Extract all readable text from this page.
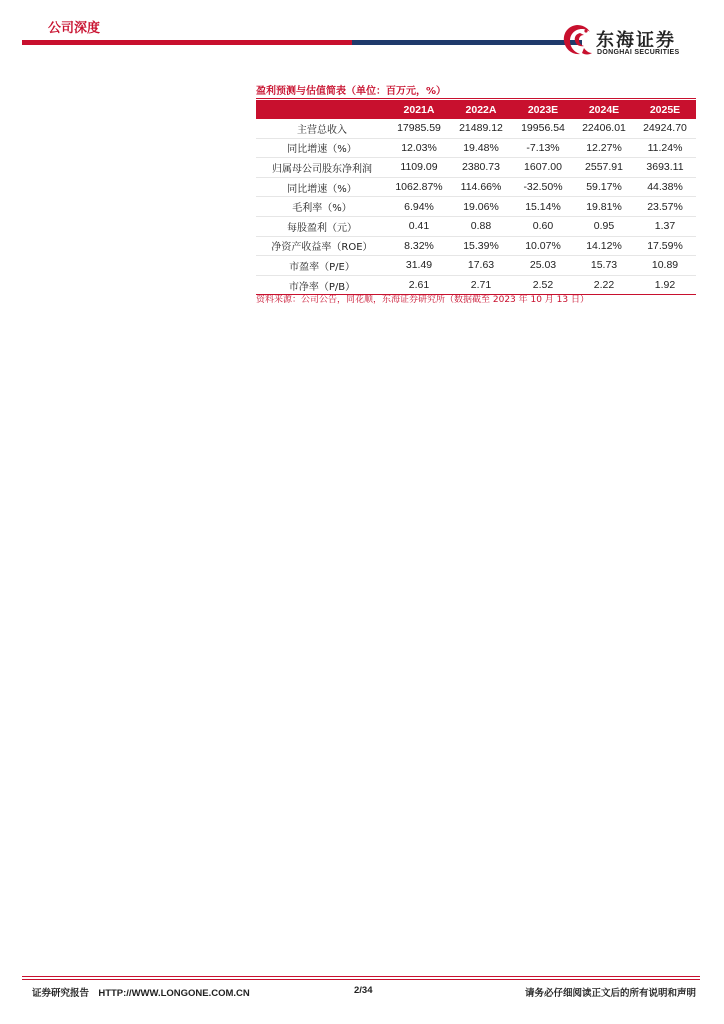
公司深度
东海证券
DONGHAI SECURITIES
盈利预测与估值简表（单位：百万元，%）
	2021A	2022A	2023E	2024E	2025E
主营总收入	17985.59	21489.12	19956.54	22406.01	24924.70
同比增速（%）	12.03%	19.48%	-7.13%	12.27%	11.24%
归属母公司股东净利润	1109.09	2380.73	1607.00	2557.91	3693.11
同比增速（%）	1062.87%	114.66%	-32.50%	59.17%	44.38%
毛利率（%）	6.94%	19.06%	15.14%	19.81%	23.57%
每股盈利（元）	0.41	0.88	0.60	0.95	1.37
净资产收益率（ROE）	8.32%	15.39%	10.07%	14.12%	17.59%
市盈率（P/E）	31.49	17.63	25.03	15.73	10.89
市净率（P/B）	2.61	2.71	2.52	2.22	1.92
资料来源：公司公告，同花顺，东海证券研究所（数据截至 2023 年 10 月 13 日）
证券研究报告 HTTP://WWW.LONGONE.COM.CN	2/34	请务必仔细阅读正文后的所有说明和声明
